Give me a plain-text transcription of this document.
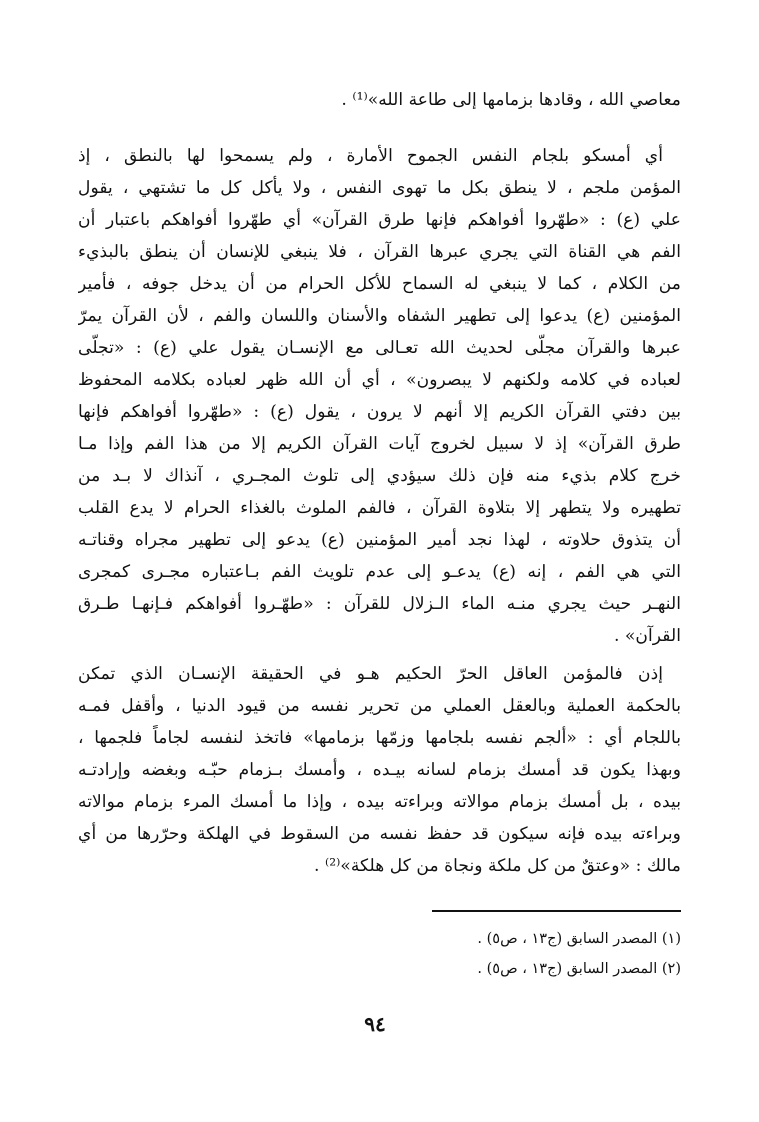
معاصي الله ، وقادها بزمامها إلى طاعة الله»⁽¹⁾ .
أي أمسكو بلجام النفس الجموح الأمارة ، ولم يسمحوا لها بالنطق ، إذ
المؤمن ملجم ، لا ينطق بكل ما تهوى النفس ، ولا يأكل كل ما تشتهي ، يقول
علي (ع) : «طهّروا أفواهكم فإنها طرق القرآن» أي طهّروا أفواهكم باعتبار أن
الفم هي القناة التي يجري عبرها القرآن ، فلا ينبغي للإنسان أن ينطق بالبذيء
من الكلام ، كما لا ينبغي له السماح للأكل الحرام من أن يدخل جوفه ، فأمير
المؤمنين (ع) يدعوا إلى تطهير الشفاه والأسنان واللسان والفم ، لأن القرآن يمرّ
عبرها والقرآن مجلّى لحديث الله تعـالى مع الإنسـان يقول علي (ع) : «تجلّى
لعباده في كلامه ولكنهم لا يبصرون» ، أي أن الله ظهر لعباده بكلامه المحفوظ
بين دفتي القرآن الكريم إلا أنهم لا يرون ، يقول (ع) : «طهّروا أفواهكم فإنها
طرق القرآن» إذ لا سبيل لخروج آيات القرآن الكريم إلا من هذا الفم وإذا مـا
خرج كلام بذيء منه فإن ذلك سيؤدي إلى تلوث المجـري ، آنذاك لا بـد من
تطهيره ولا يتطهر إلا بتلاوة القرآن ، فالفم الملوث بالغذاء الحرام لا يدع القلب
أن يتذوق حلاوته ، لهذا نجد أمير المؤمنين (ع) يدعو إلى تطهير مجراه وقناتـه
التي هي الفم ، إنه (ع) يدعـو إلى عدم تلويث الفم بـاعتباره مجـرى كمجرى
النهـر حيث يجري منـه الماء الـزلال للقرآن : «طهّـروا أفواهكم فـإنهـا طـرق
القرآن» .
إذن فالمؤمن العاقل الحرّ الحكيم هـو في الحقيقة الإنسـان الذي تمكن
بالحكمة العملية وبالعقل العملي من تحرير نفسه من قيود الدنيا ، وأقفل فمـه
باللجام أي : «ألجم نفسه بلجامها وزمّها بزمامها» فاتخذ لنفسه لجاماً فلجمها ،
وبهذا يكون قد أمسك بزمام لسانه بيـده ، وأمسك بـزمام حبّـه وبغضه وإرادتـه
بيده ، بل أمسك بزمام موالاته وبراءته بيده ، وإذا ما أمسك المرء بزمام موالاته
وبراءته بيده فإنه سيكون قد حفظ نفسه من السقوط في الهلكة وحرّرها من أي
مالك : «وعتقٌ من كل ملكة ونجاة من كل هلكة»⁽²⁾ .
(١) المصدر السابق (ج١٣ ، ص٥) .
(٢) المصدر السابق (ج١٣ ، ص٥) .
٩٤
